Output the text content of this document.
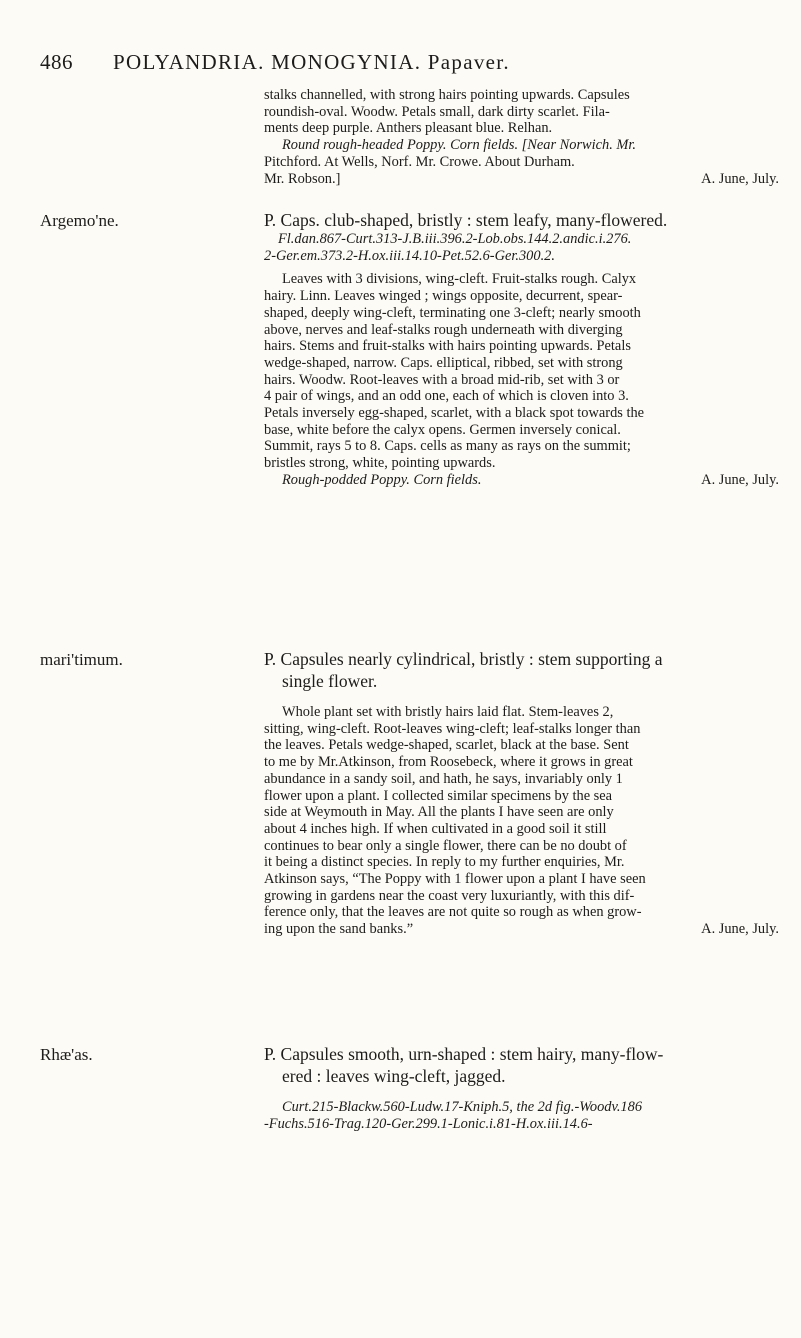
486 POLYANDRIA. MONOGYNIA. Papaver.
stalks channelled, with strong hairs pointing upwards. Capsules
roundish-oval. Woodw. Petals small, dark dirty scarlet. Fila-
ments deep purple. Anthers pleasant blue. Relhan.
Round rough-headed Poppy. Corn fields. [Near Norwich. Mr.
Pitchford. At Wells, Norf. Mr. Crowe. About Durham.
Mr. Robson.]	A. June, July.
Argemo'ne.	P. Caps. club-shaped, bristly : stem leafy, many-flowered.
Fl.dan.867-Curt.313-J.B.iii.396.2-Lob.obs.144.2.andic.i.276.
2-Ger.em.373.2-H.ox.iii.14.10-Pet.52.6-Ger.300.2.
Leaves with 3 divisions, wing-cleft. Fruit-stalks rough. Calyx
hairy. Linn. Leaves winged ; wings opposite, decurrent, spear-
shaped, deeply wing-cleft, terminating one 3-cleft; nearly smooth
above, nerves and leaf-stalks rough underneath with diverging
hairs. Stems and fruit-stalks with hairs pointing upwards. Petals
wedge-shaped, narrow. Caps. elliptical, ribbed, set with strong
hairs. Woodw. Root-leaves with a broad mid-rib, set with 3 or
4 pair of wings, and an odd one, each of which is cloven into 3.
Petals inversely egg-shaped, scarlet, with a black spot towards the
base, white before the calyx opens. Germen inversely conical.
Summit, rays 5 to 8. Caps. cells as many as rays on the summit;
bristles strong, white, pointing upwards.
Rough-podded Poppy. Corn fields.	A. June, July.
mari'timum.	P. Capsules nearly cylindrical, bristly : stem supporting a
single flower.
Whole plant set with bristly hairs laid flat. Stem-leaves 2,
sitting, wing-cleft. Root-leaves wing-cleft; leaf-stalks longer than
the leaves. Petals wedge-shaped, scarlet, black at the base. Sent
to me by Mr.Atkinson, from Roosebeck, where it grows in great
abundance in a sandy soil, and hath, he says, invariably only 1
flower upon a plant. I collected similar specimens by the sea
side at Weymouth in May. All the plants I have seen are only
about 4 inches high. If when cultivated in a good soil it still
continues to bear only a single flower, there can be no doubt of
it being a distinct species. In reply to my further enquiries, Mr.
Atkinson says, “The Poppy with 1 flower upon a plant I have seen
growing in gardens near the coast very luxuriantly, with this dif-
ference only, that the leaves are not quite so rough as when grow-
ing upon the sand banks.”	A. June, July.
Rhæ'as.	P. Capsules smooth, urn-shaped : stem hairy, many-flow-
ered : leaves wing-cleft, jagged.
Curt.215-Blackw.560-Ludw.17-Kniph.5, the 2d fig.-Woodv.186
-Fuchs.516-Trag.120-Ger.299.1-Lonic.i.81-H.ox.iii.14.6-
